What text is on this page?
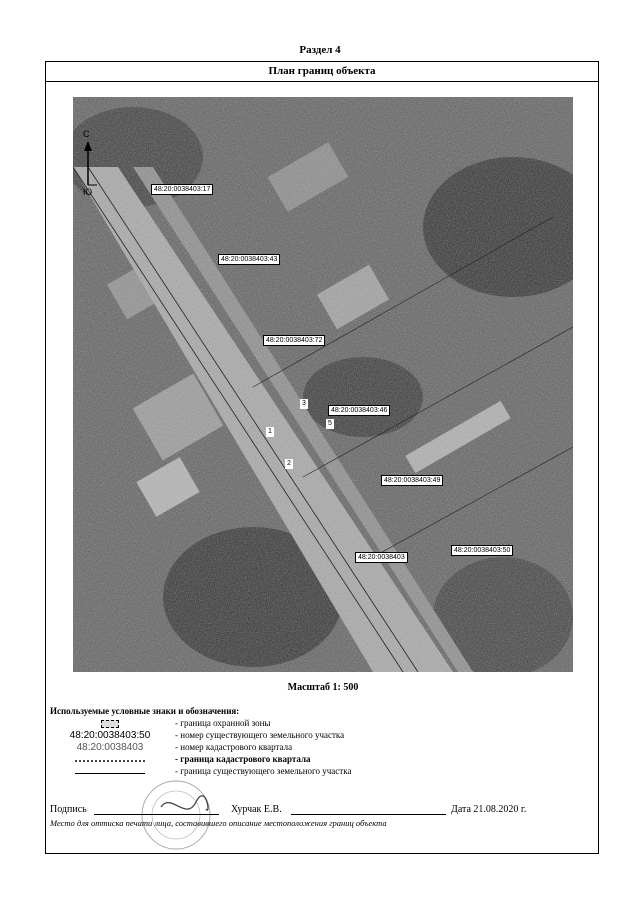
Раздел 4
План границ объекта
С
Ю	48:20:0038403:17
48:20:0038403:43
48:20:0038403:72
48:20:0038403:46
48:20:0038403:49
48:20:0038403:50
48:20:0038403
1
2
3
5
Масштаб 1: 500
Используемые условные знаки и обозначения:
- граница охранной зоны
48:20:0038403:50	- номер существующего земельного участка
48:20:0038403	- номер кадастрового квартала
- граница кадастрового квартала
- граница существующего земельного участка
Подпись	Хурчак Е.В.	Дата 21.08.2020 г.
Место для оттиска печати лица, составившего описание местоположения границ объекта
